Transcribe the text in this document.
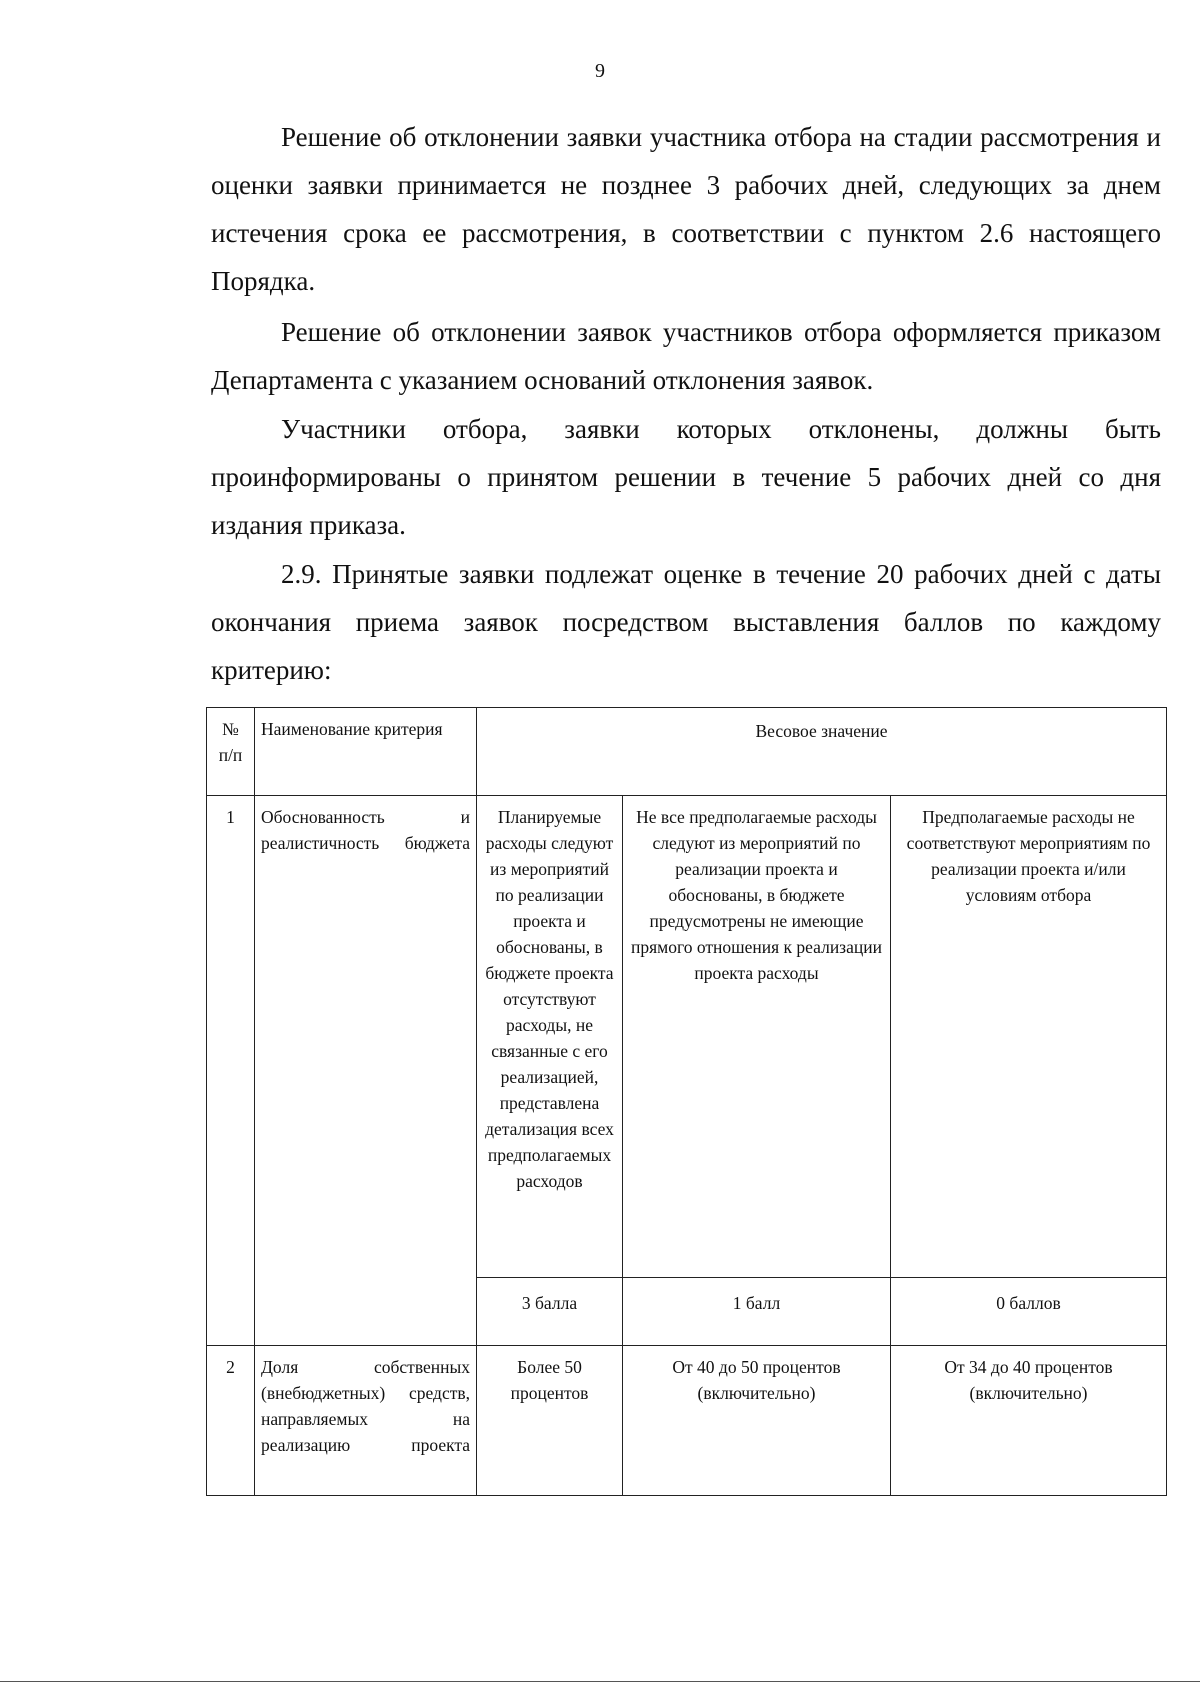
9

Решение об отклонении заявки участника отбора на стадии рассмотрения и оценки заявки принимается не позднее 3 рабочих дней, следующих за днем истечения срока ее рассмотрения, в соответствии с пунктом 2.6 настоящего Порядка.

Решение об отклонении заявок участников отбора оформляется приказом Департамента с указанием оснований отклонения заявок.

Участники отбора, заявки которых отклонены, должны быть проинформированы о принятом решении в течение 5 рабочих дней со дня издания приказа.

2.9. Принятые заявки подлежат оценке в течение 20 рабочих дней с даты окончания приема заявок посредством выставления баллов по каждому критерию:

№ п/п	Наименование критерия	Весовое значение		
1	Обоснованность и реалистичность бюджета	Планируемые расходы следуют из мероприятий по реализации проекта и обоснованы, в бюджете проекта отсутствуют расходы, не связанные с его реализацией, представлена детализация всех предполагаемых расходов	Не все предполагаемые расходы следуют из мероприятий по реализации проекта и обоснованы, в бюджете предусмотрены не имеющие прямого отношения к реализации проекта расходы	Предполагаемые расходы не соответствуют мероприятиям по реализации проекта и/или условиям отбора
		3 балла	1 балл	0 баллов
2	Доля собственных (внебюджетных) средств, направляемых на реализацию проекта	Более 50 процентов	От 40 до 50 процентов (включительно)	От 34 до 40 процентов (включительно)
